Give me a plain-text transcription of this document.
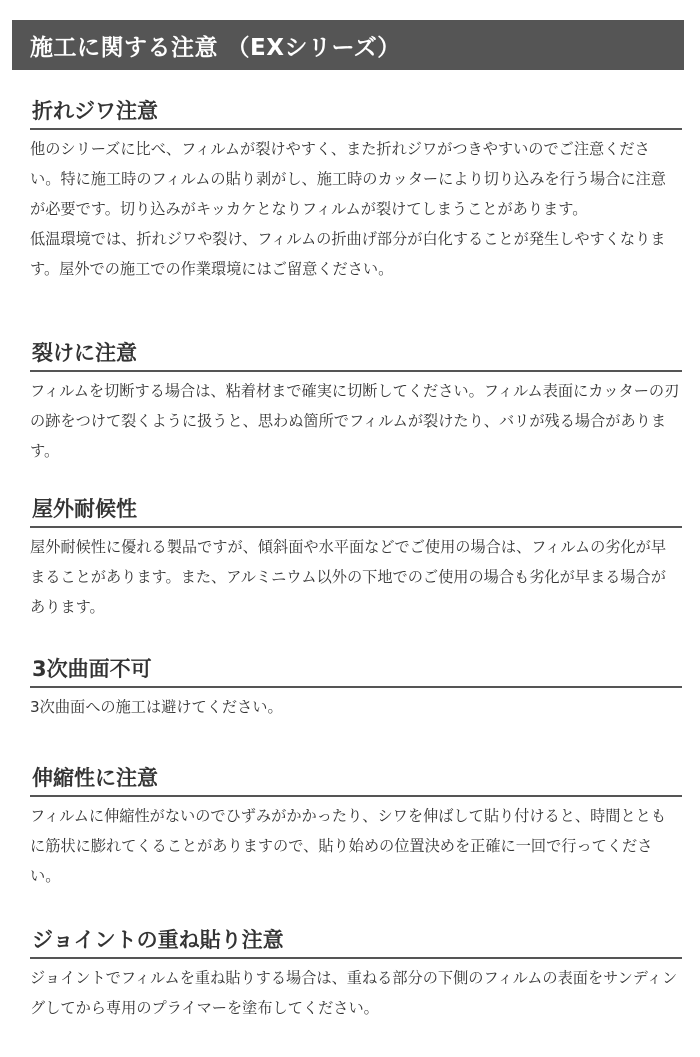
施工に関する注意 （EXシリーズ）
折れジワ注意

他のシリーズに比べ、フィルムが裂けやすく、また折れジワがつきやすいのでご注意ください。特に施工時のフィルムの貼り剥がし、施工時のカッターにより切り込みを行う場合に注意が必要です。切り込みがキッカケとなりフィルムが裂けてしまうことがあります。

低温環境では、折れジワや裂け、フィルムの折曲げ部分が白化することが発生しやすくなります。屋外での施工での作業環境にはご留意ください。

裂けに注意

フィルムを切断する場合は、粘着材まで確実に切断してください。フィルム表面にカッターの刃の跡をつけて裂くように扱うと、思わぬ箇所でフィルムが裂けたり、バリが残る場合があります。

屋外耐候性

屋外耐候性に優れる製品ですが、傾斜面や水平面などでご使用の場合は、フィルムの劣化が早まることがあります。また、アルミニウム以外の下地でのご使用の場合も劣化が早まる場合があります。

3次曲面不可

3次曲面への施工は避けてください。

伸縮性に注意

フィルムに伸縮性がないのでひずみがかかったり、シワを伸ばして貼り付けると、時間とともに筋状に膨れてくることがありますので、貼り始めの位置決めを正確に一回で行ってください。

ジョイントの重ね貼り注意

ジョイントでフィルムを重ね貼りする場合は、重ねる部分の下側のフィルムの表面をサンディングしてから専用のプライマーを塗布してください。
